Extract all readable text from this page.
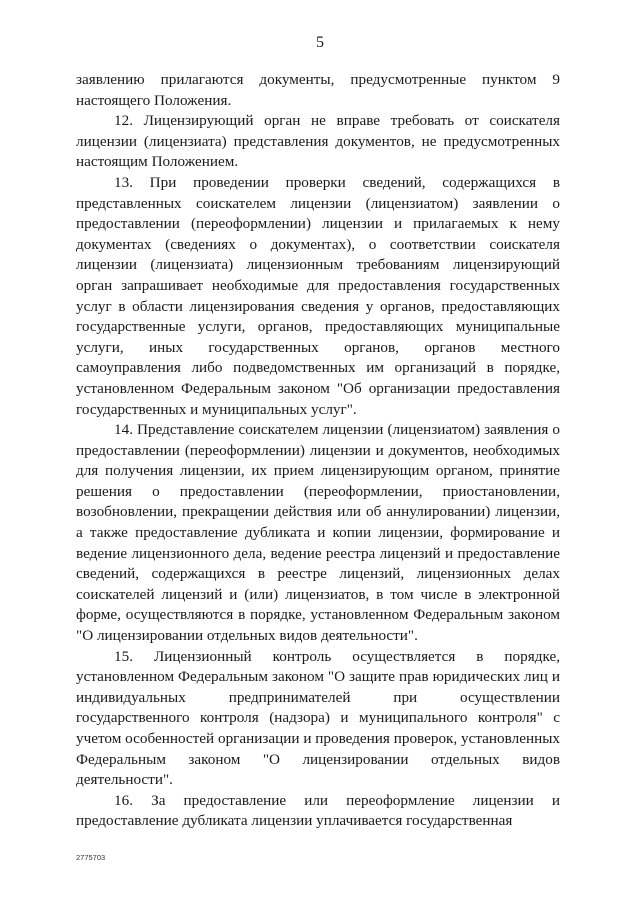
5

заявлению прилагаются документы, предусмотренные пунктом 9 настоящего Положения.

12. Лицензирующий орган не вправе требовать от соискателя лицензии (лицензиата) представления документов, не предусмотренных настоящим Положением.

13. При проведении проверки сведений, содержащихся в представленных соискателем лицензии (лицензиатом) заявлении о предоставлении (переоформлении) лицензии и прилагаемых к нему документах (сведениях о документах), о соответствии соискателя лицензии (лицензиата) лицензионным требованиям лицензирующий орган запрашивает необходимые для предоставления государственных услуг в области лицензирования сведения у органов, предоставляющих государственные услуги, органов, предоставляющих муниципальные услуги, иных государственных органов, органов местного самоуправления либо подведомственных им организаций в порядке, установленном Федеральным законом "Об организации предоставления государственных и муниципальных услуг".

14. Представление соискателем лицензии (лицензиатом) заявления о предоставлении (переоформлении) лицензии и документов, необходимых для получения лицензии, их прием лицензирующим органом, принятие решения о предоставлении (переоформлении, приостановлении, возобновлении, прекращении действия или об аннулировании) лицензии, а также предоставление дубликата и копии лицензии, формирование и ведение лицензионного дела, ведение реестра лицензий и предоставление сведений, содержащихся в реестре лицензий, лицензионных делах соискателей лицензий и (или) лицензиатов, в том числе в электронной форме, осуществляются в порядке, установленном Федеральным законом "О лицензировании отдельных видов деятельности".

15. Лицензионный контроль осуществляется в порядке, установленном Федеральным законом "О защите прав юридических лиц и индивидуальных предпринимателей при осуществлении государственного контроля (надзора) и муниципального контроля" с учетом особенностей организации и проведения проверок, установленных Федеральным законом "О лицензировании отдельных видов деятельности".

16. За предоставление или переоформление лицензии и предоставление дубликата лицензии уплачивается государственная

2775703
